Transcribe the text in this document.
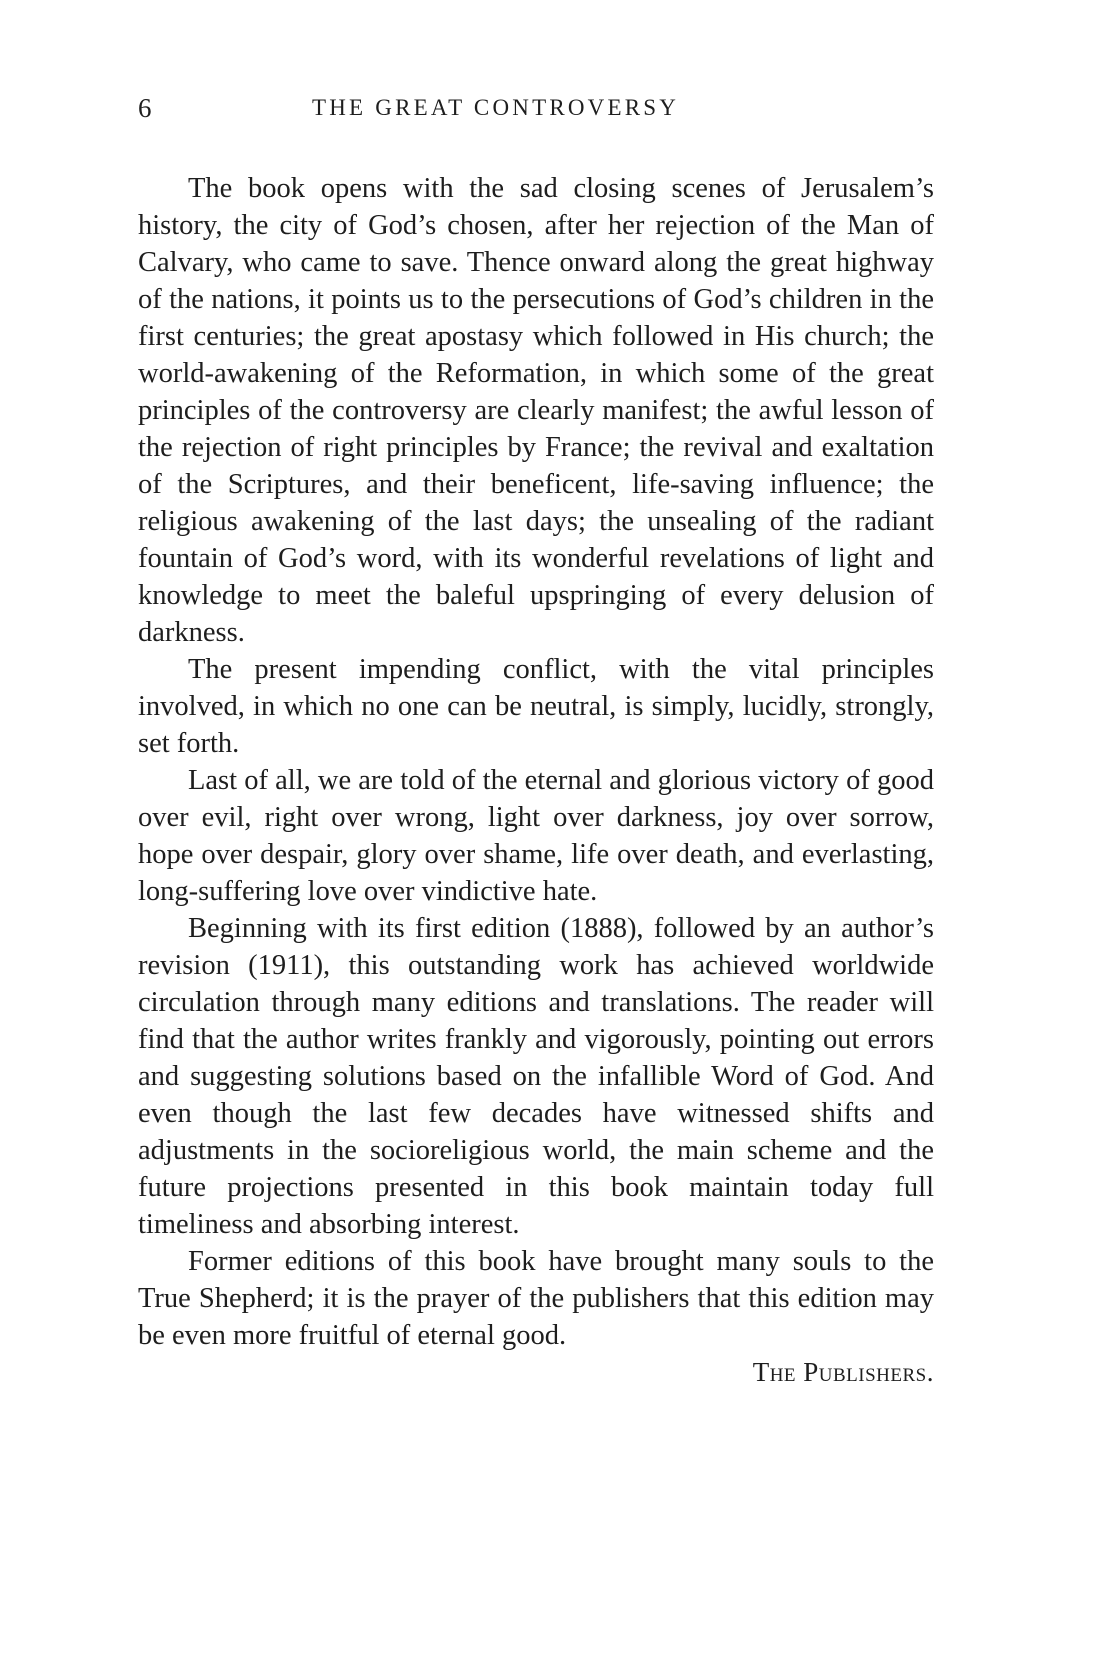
6	THE GREAT CONTROVERSY

The book opens with the sad closing scenes of Jerusalem’s history, the city of God’s chosen, after her rejection of the Man of Calvary, who came to save. Thence onward along the great highway of the nations, it points us to the persecutions of God’s children in the first centuries; the great apostasy which followed in His church; the world-awakening of the Reformation, in which some of the great principles of the controversy are clearly manifest; the awful lesson of the rejection of right principles by France; the revival and exaltation of the Scriptures, and their beneficent, life-saving influence; the religious awakening of the last days; the unsealing of the radiant fountain of God’s word, with its wonderful revelations of light and knowledge to meet the baleful upspringing of every delusion of darkness.

The present impending conflict, with the vital principles involved, in which no one can be neutral, is simply, lucidly, strongly, set forth.

Last of all, we are told of the eternal and glorious victory of good over evil, right over wrong, light over darkness, joy over sorrow, hope over despair, glory over shame, life over death, and everlasting, long-suffering love over vindictive hate.

Beginning with its first edition (1888), followed by an author’s revision (1911), this outstanding work has achieved worldwide circulation through many editions and translations. The reader will find that the author writes frankly and vigorously, pointing out errors and suggesting solutions based on the infallible Word of God. And even though the last few decades have witnessed shifts and adjustments in the socioreligious world, the main scheme and the future projections presented in this book maintain today full timeliness and absorbing interest.

Former editions of this book have brought many souls to the True Shepherd; it is the prayer of the publishers that this edition may be even more fruitful of eternal good.

The Publishers.
